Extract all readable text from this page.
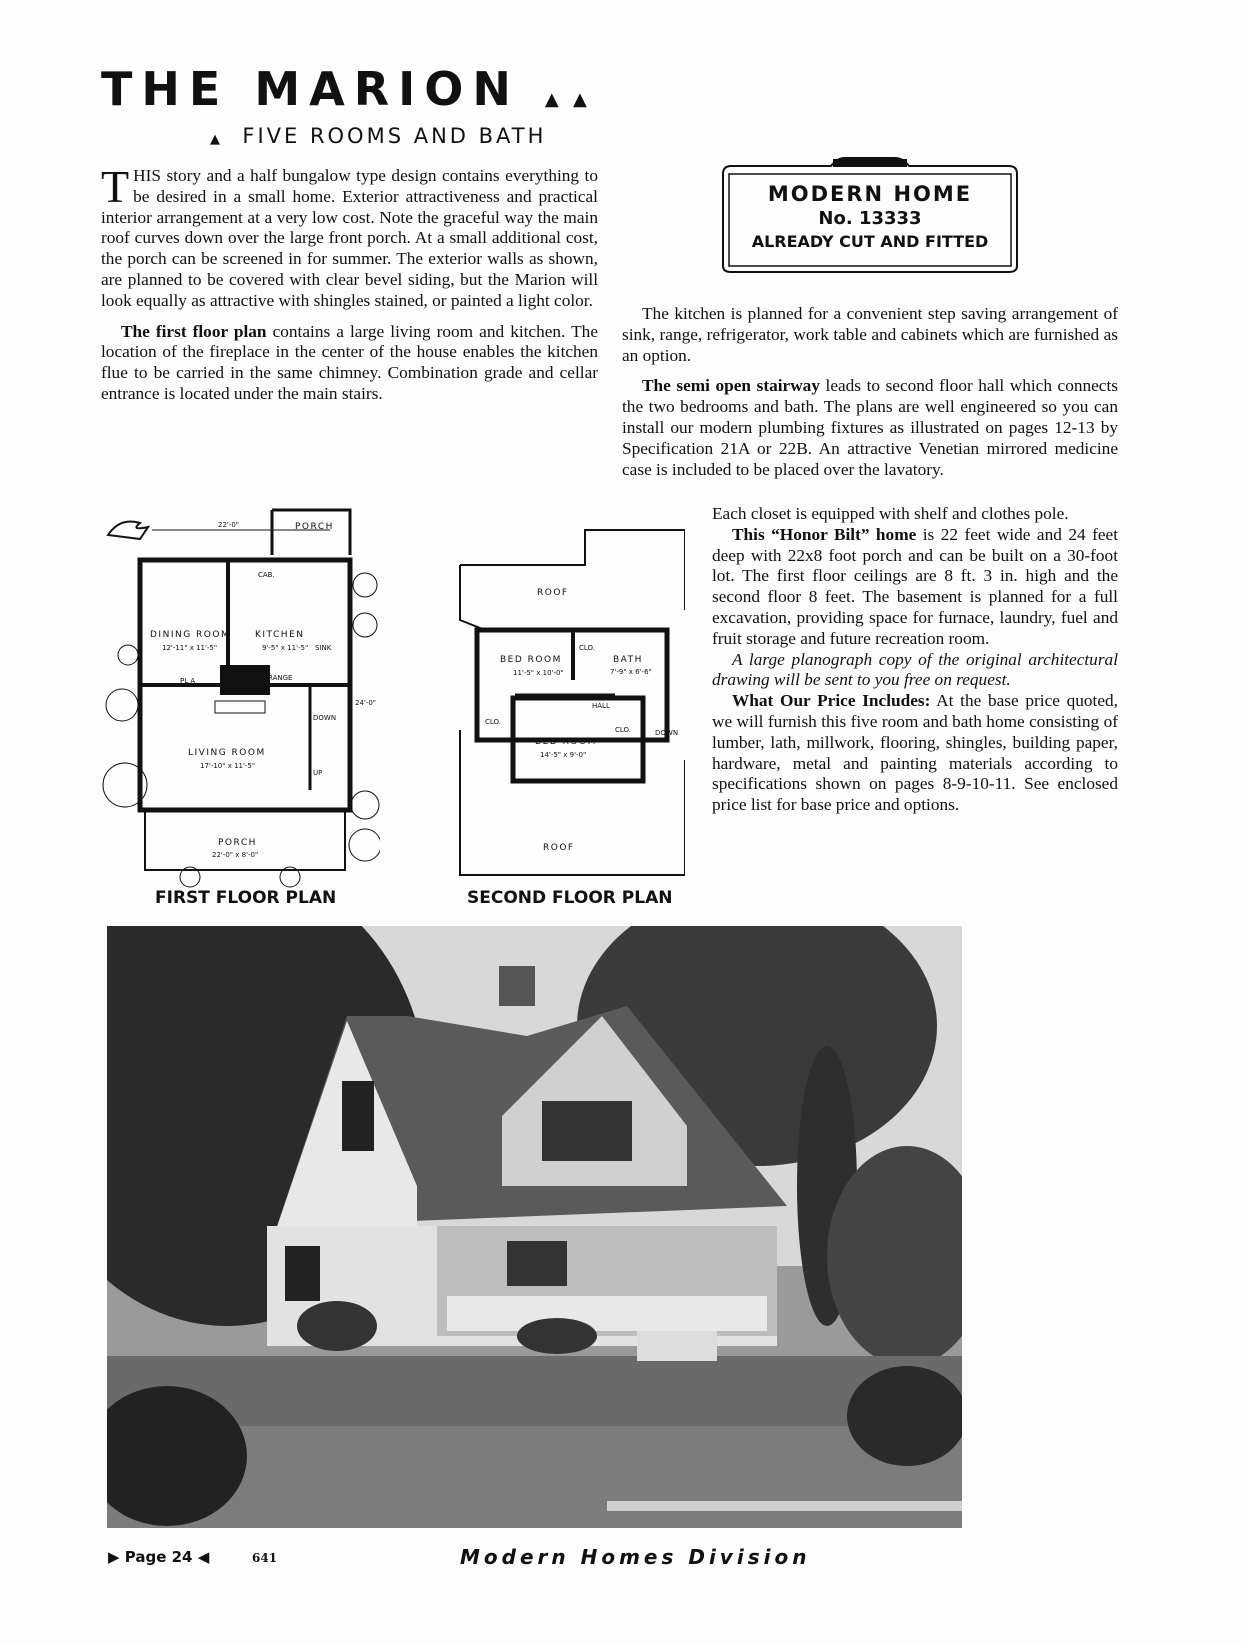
THE MARION ▲ ▲
▲ FIVE ROOMS AND BATH

THIS story and a half bungalow type design contains everything to be desired in a small home. Exterior attractiveness and practical interior arrangement at a very low cost. Note the graceful way the main roof curves down over the large front porch. At a small additional cost, the porch can be screened in for summer. The exterior walls as shown, are planned to be covered with clear bevel siding, but the Marion will look equally as attractive with shingles stained, or painted a light color.

The first floor plan contains a large living room and kitchen. The location of the fireplace in the center of the house enables the kitchen flue to be carried in the same chimney. Combination grade and cellar entrance is located under the main stairs.

MODERN HOME
No. 13333
ALREADY CUT AND FITTED

The kitchen is planned for a convenient step saving arrangement of sink, range, refrigerator, work table and cabinets which are furnished as an option.

The semi open stairway leads to second floor hall which connects the two bedrooms and bath. The plans are well engineered so you can install our modern plumbing fixtures as illustrated on pages 12-13 by Specification 21A or 22B. An attractive Venetian mirrored medicine case is included to be placed over the lavatory.

Each closet is equipped with shelf and clothes pole.

This “Honor Bilt” home is 22 feet wide and 24 feet deep with 22x8 foot porch and can be built on a 30-foot lot. The first floor ceilings are 8 ft. 3 in. high and the second floor 8 feet. The basement is planned for a full excavation, providing space for furnace, laundry, fuel and fruit storage and future recreation room.

A large planograph copy of the original architectural drawing will be sent to you free on request.

What Our Price Includes: At the base price quoted, we will furnish this five room and bath home consisting of lumber, lath, millwork, flooring, shingles, building paper, hardware, metal and painting materials according to specifications shown on pages 8-9-10-11. See enclosed price list for base price and options.

22'-0"	PORCH
DINING ROOM
12'-11" x 11'-5"
KITCHEN
9'-5" x 11'-5"
CAB.
SINK
RANGE
PL A
TABLE SPACE
LIVING ROOM
17'-10" x 11'-5"
DOWN
UP
24'-0"
PORCH
22'-0" x 8'-0"
FIRST FLOOR PLAN
ROOF
BED ROOM
11'-5" x 10'-0"
BATH
7'-9" x 6'-6"
HALL
CLO.
CLO.
CLO.	DOWN
BED ROOM
14'-5" x 9'-0"
ROOF
SECOND FLOOR PLAN
▶ Page 24 ◀	641	Modern Homes Division
